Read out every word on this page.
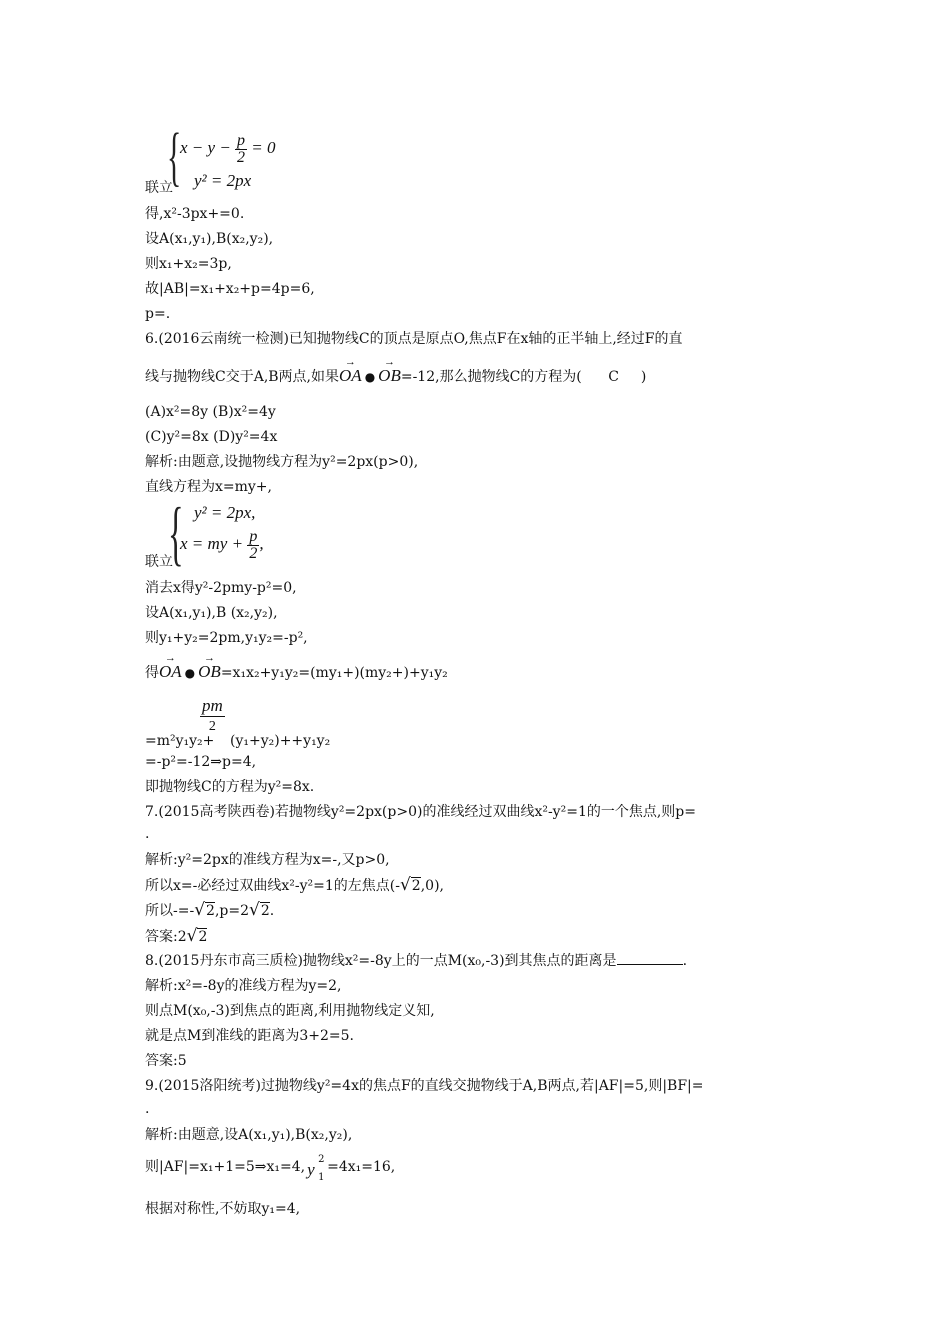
{
$x - y - \frac{p}{2} = 0$
y² = 2px
联立
得,x²-3px+=0.
设A(x₁,y₁),B(x₂,y₂),
则x₁+x₂=3p,
故|AB|=x₁+x₂+p=4p=6,
p=.
6.(2016云南统一检测)已知抛物线C的顶点是原点O,焦点F在x轴的正半轴上,经过F的直
线与抛物线C交于A,B两点,如果
→
OA ●
→
OB=-12,那么抛物线C的方程为( C )
(A)x²=8y (B)x²=4y
(C)y²=8x (D)y²=4x
解析:由题意,设抛物线方程为y²=2px(p>0),
直线方程为x=my+,
{ y² = 2px,
x = my + $\frac{p}{2}$ ,
联立
消去x得y²-2pmy-p²=0,
设A(x₁,y₁),B (x₂,y₂),
则y₁+y₂=2pm,y₁y₂=-p²,
得
→
OA ●
→
OB=x₁x₂+y₁y₂=(my₁+)(my₂+)+y₁y₂
pm
2
=m²y₁y₂+ (y₁+y₂)++y₁y₂
=-p²=-12⇒p=4,
即抛物线C的方程为y²=8x.
7.(2015高考陕西卷)若抛物线y²=2px(p>0)的准线经过双曲线x²-y²=1的一个焦点,则p=
.
解析:y²=2px的准线方程为x=-,又p>0,
所以x=-必经过双曲线x²-y²=1的左焦点(-√2,0),
所以-=-√2,p=2√2.
答案:2√2
8.(2015丹东市高三质检)抛物线x²=-8y上的一点M(x₀,-3)到其焦点的距离是	.
解析:x²=-8y的准线方程为y=2,
则点M(x₀,-3)到焦点的距离,利用抛物线定义知,
就是点M到准线的距离为3+2=5.
答案:5
9.(2015洛阳统考)过抛物线y²=4x的焦点F的直线交抛物线于A,B两点,若|AF|=5,则|BF|=
.
解析:由题意,设A(x₁,y₁),B(x₂,y₂),
则|AF|=x₁+1=5⇒x₁=4, y
2
1
=4x₁=16,
根据对称性,不妨取y₁=4,
